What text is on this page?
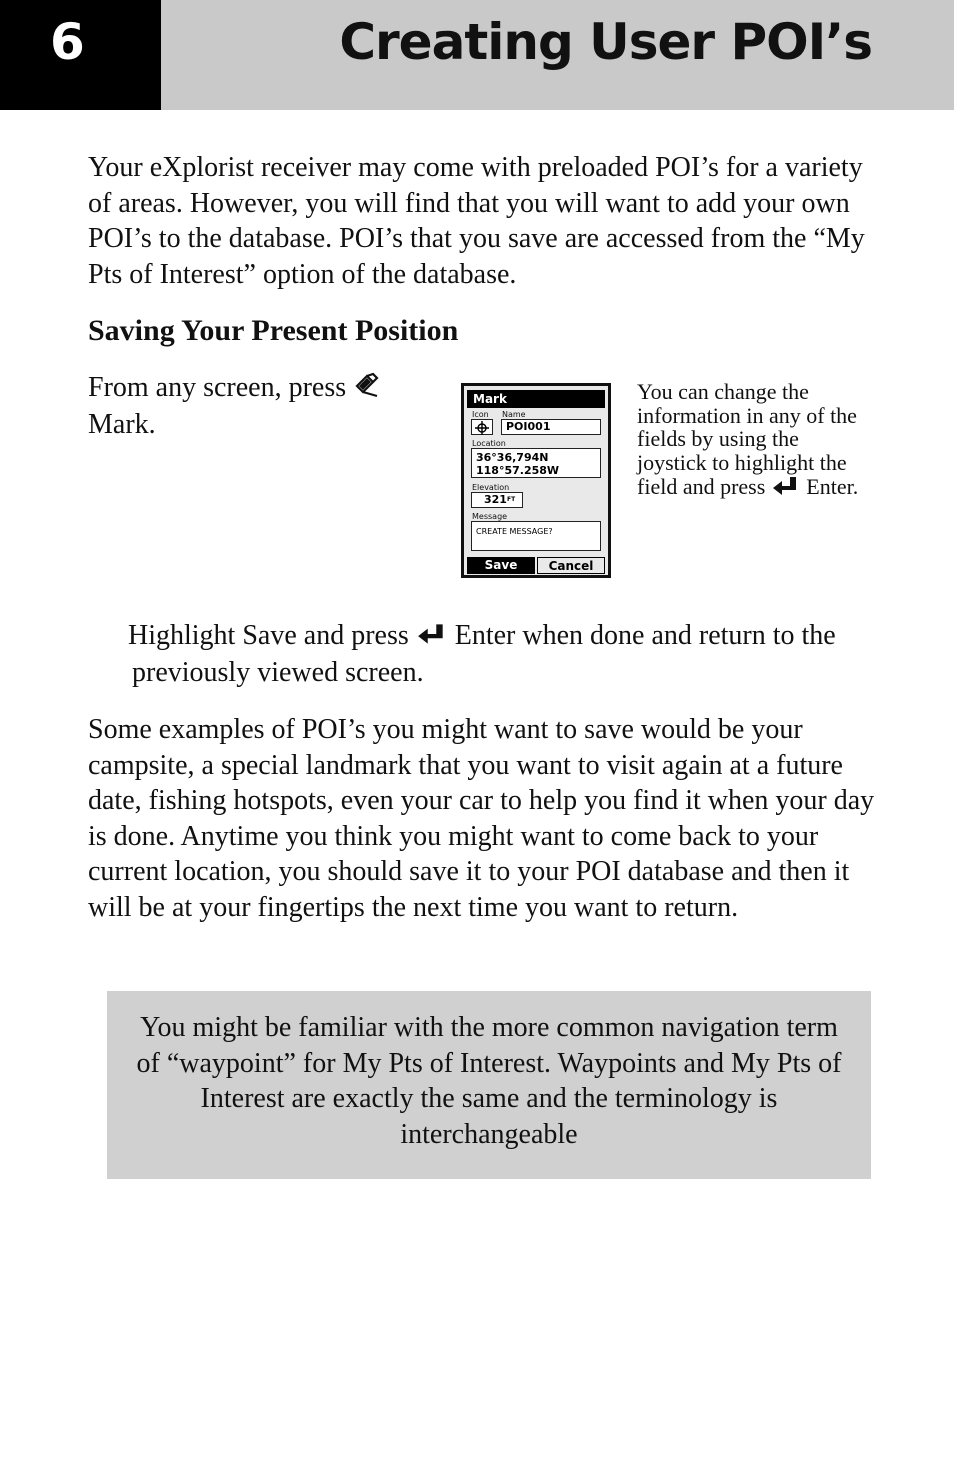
6	Creating User POI’s

Your eXplorist receiver may come with preloaded POI’s for a variety of areas. However, you will find that you will want to add your own POI’s to the database. POI’s that you save are accessed from the “My Pts of Interest” option of the database.

Saving Your Present Position

From any screen, press
Mark.

Mark
Icon Name
POI001
Location
36°36,794N
118°57.258W
Elevation
$321^{FT}$
Message
CREATE MESSAGE?
Save	Cancel

You can change the information in any of the fields by using the joystick to highlight the field and press Enter.

Highlight Save and press Enter when done and return to the
previously viewed screen.

Some examples of POI’s you might want to save would be your campsite, a special landmark that you want to visit again at a future date, fishing hotspots, even your car to help you find it when your day is done. Anytime you think you might want to come back to your current location, you should save it to your POI database and then it will be at your fingertips the next time you want to return.

You might be familiar with the more common navigation term of “waypoint” for My Pts of Interest. Waypoints and My Pts of Interest are exactly the same and the terminology is interchangeable
